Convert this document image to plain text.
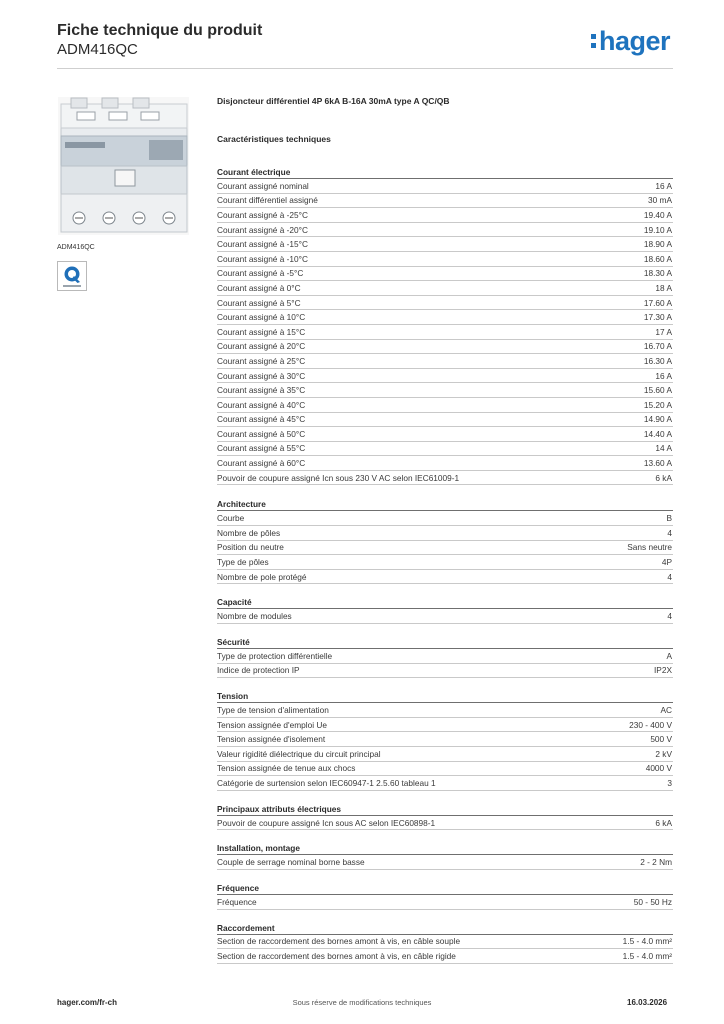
Fiche technique du produit
ADM416QC	hager
ADM416QC
Disjoncteur différentiel 4P 6kA B-16A 30mA type A QC/QB
Caractéristiques techniques
Courant électrique
Courant assigné nominal	16 A
Courant différentiel assigné	30 mA
Courant assigné à -25°C	19.40 A
Courant assigné à -20°C	19.10 A
Courant assigné à -15°C	18.90 A
Courant assigné à -10°C	18.60 A
Courant assigné à -5°C	18.30 A
Courant assigné à 0°C	18 A
Courant assigné à 5°C	17.60 A
Courant assigné à 10°C	17.30 A
Courant assigné à 15°C	17 A
Courant assigné à 20°C	16.70 A
Courant assigné à 25°C	16.30 A
Courant assigné à 30°C	16 A
Courant assigné à 35°C	15.60 A
Courant assigné à 40°C	15.20 A
Courant assigné à 45°C	14.90 A
Courant assigné à 50°C	14.40 A
Courant assigné à 55°C	14 A
Courant assigné à 60°C	13.60 A
Pouvoir de coupure assigné Icn sous 230 V AC selon IEC61009-1	6 kA
Architecture
Courbe	B
Nombre de pôles	4
Position du neutre	Sans neutre
Type de pôles	4P
Nombre de pole protégé	4
Capacité
Nombre de modules	4
Sécurité
Type de protection différentielle	A
Indice de protection IP	IP2X
Tension
Type de tension d'alimentation	AC
Tension assignée d'emploi Ue	230 - 400 V
Tension assignée d'isolement	500 V
Valeur rigidité diélectrique du circuit principal	2 kV
Tension assignée de tenue aux chocs	4000 V
Catégorie de surtension selon IEC60947-1 2.5.60 tableau 1	3
Principaux attributs électriques
Pouvoir de coupure assigné Icn sous AC selon IEC60898-1	6 kA
Installation, montage
Couple de serrage nominal borne basse	2 - 2 Nm
Fréquence
Fréquence	50 - 50 Hz
Raccordement
Section de raccordement des bornes amont à vis, en câble souple	1.5 - 4.0 mm²
Section de raccordement des bornes amont à vis, en câble rigide	1.5 - 4.0 mm²
hager.com/fr-ch	Sous réserve de modifications techniques	16.03.2026
